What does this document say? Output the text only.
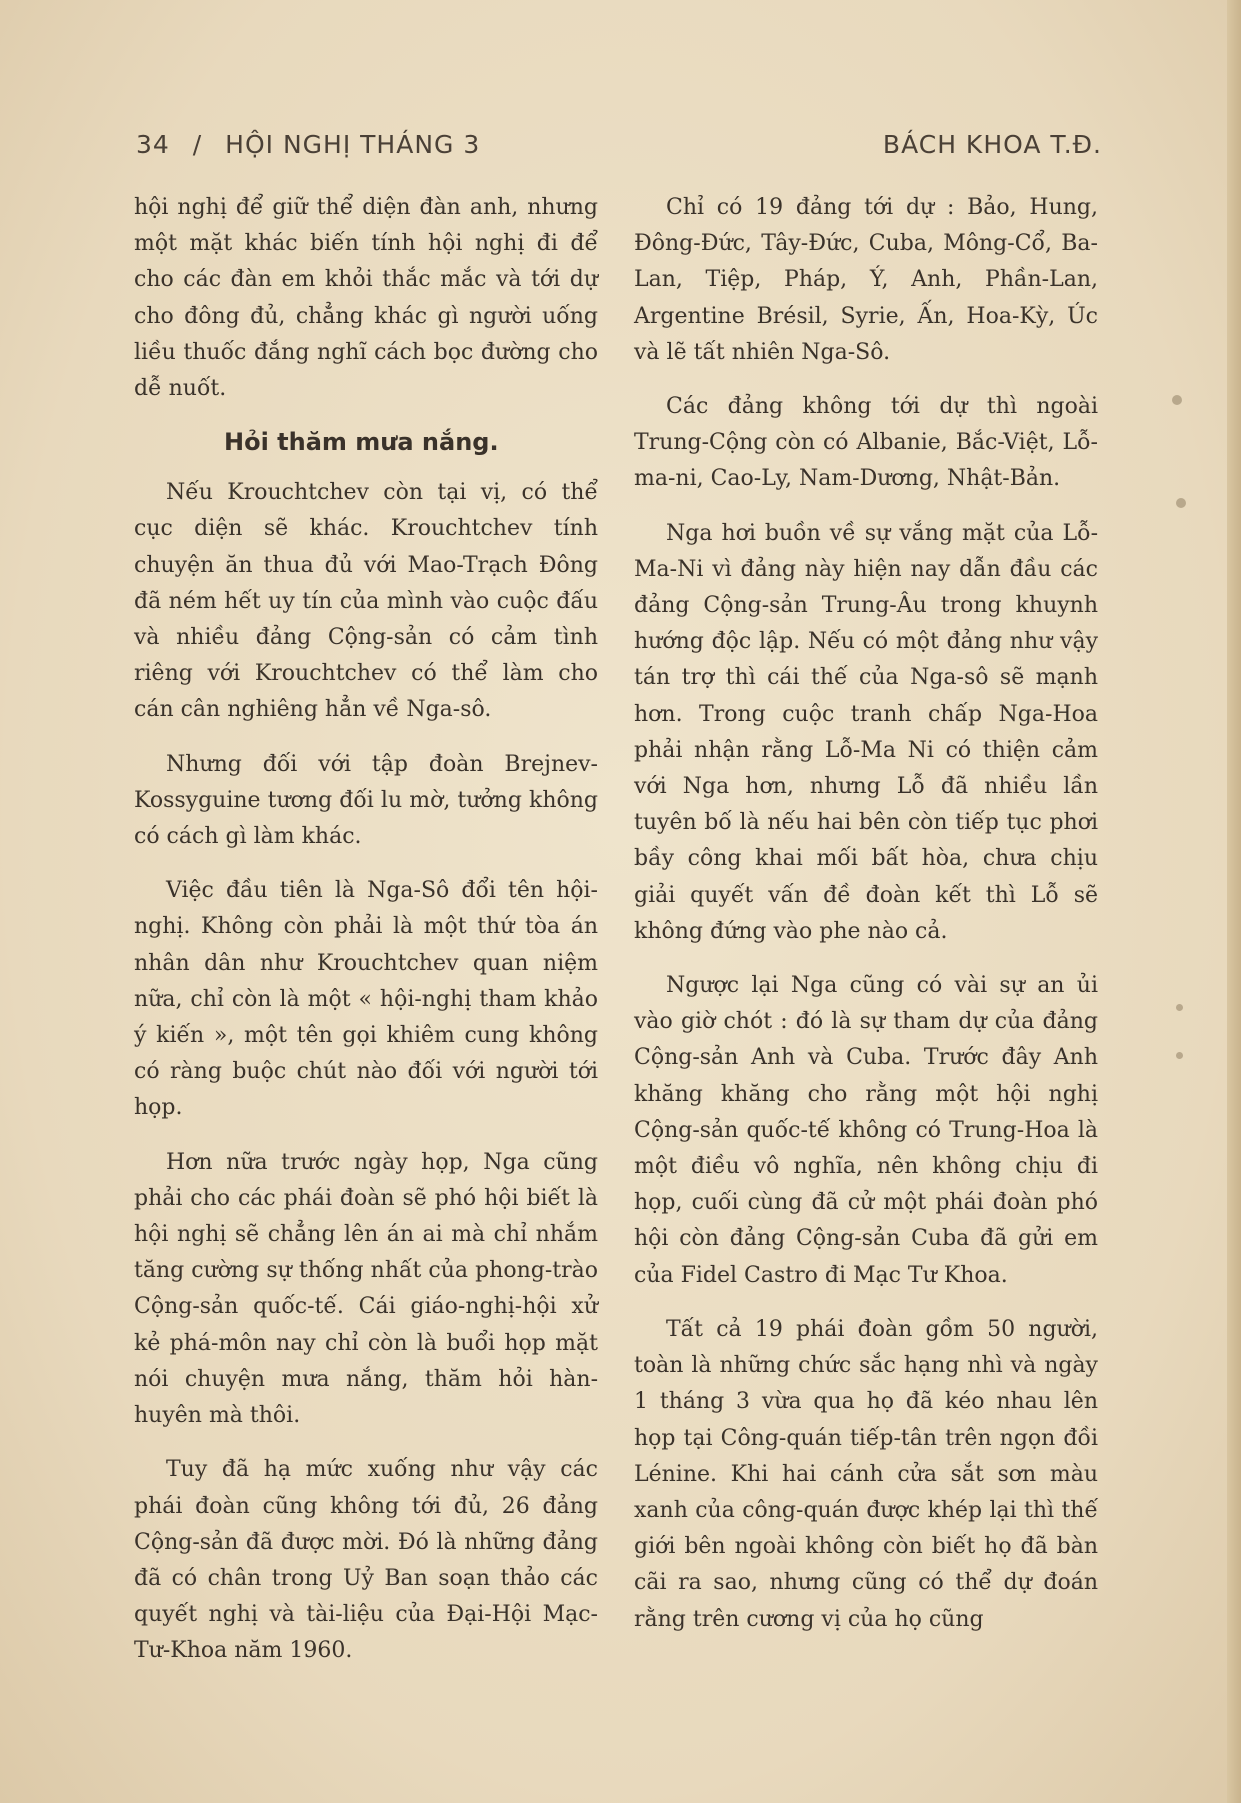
34 / HỘI NGHỊ THÁNG 3	BÁCH KHOA T.Đ.

hội nghị để giữ thể diện đàn anh, nhưng một mặt khác biến tính hội nghị đi để cho các đàn em khỏi thắc mắc và tới dự cho đông đủ, chẳng khác gì người uống liều thuốc đắng nghĩ cách bọc đường cho dễ nuốt.

Hỏi thăm mưa nắng.

Nếu Krouchtchev còn tại vị, có thể cục diện sẽ khác. Krouchtchev tính chuyện ăn thua đủ với Mao-Trạch Đông đã ném hết uy tín của mình vào cuộc đấu và nhiều đảng Cộng-sản có cảm tình riêng với Krouchtchev có thể làm cho cán cân nghiêng hẳn về Nga-sô.

Nhưng đối với tập đoàn Brejnev-Kossyguine tương đối lu mờ, tưởng không có cách gì làm khác.

Việc đầu tiên là Nga-Sô đổi tên hội-nghị. Không còn phải là một thứ tòa án nhân dân như Krouchtchev quan niệm nữa, chỉ còn là một « hội-nghị tham khảo ý kiến », một tên gọi khiêm cung không có ràng buộc chút nào đối với người tới họp.

Hơn nữa trước ngày họp, Nga cũng phải cho các phái đoàn sẽ phó hội biết là hội nghị sẽ chẳng lên án ai mà chỉ nhắm tăng cường sự thống nhất của phong-trào Cộng-sản quốc-tế. Cái giáo-nghị-hội xử kẻ phá-môn nay chỉ còn là buổi họp mặt nói chuyện mưa nắng, thăm hỏi hàn-huyên mà thôi.

Tuy đã hạ mức xuống như vậy các phái đoàn cũng không tới đủ, 26 đảng Cộng-sản đã được mời. Đó là những đảng đã có chân trong Uỷ Ban soạn thảo các quyết nghị và tài-liệu của Đại-Hội Mạc-Tư-Khoa năm 1960.

Chỉ có 19 đảng tới dự : Bảo, Hung, Đông-Đức, Tây-Đức, Cuba, Mông-Cổ, Ba-Lan, Tiệp, Pháp, Ý, Anh, Phần-Lan, Argentine Brésil, Syrie, Ấn, Hoa-Kỳ, Úc và lẽ tất nhiên Nga-Sô.

Các đảng không tới dự thì ngoài Trung-Cộng còn có Albanie, Bắc-Việt, Lỗ-ma-ni, Cao-Ly, Nam-Dương, Nhật-Bản.

Nga hơi buồn về sự vắng mặt của Lỗ-Ma-Ni vì đảng này hiện nay dẫn đầu các đảng Cộng-sản Trung-Âu trong khuynh hướng độc lập. Nếu có một đảng như vậy tán trợ thì cái thế của Nga-sô sẽ mạnh hơn. Trong cuộc tranh chấp Nga-Hoa phải nhận rằng Lỗ-Ma Ni có thiện cảm với Nga hơn, nhưng Lỗ đã nhiều lần tuyên bố là nếu hai bên còn tiếp tục phơi bầy công khai mối bất hòa, chưa chịu giải quyết vấn đề đoàn kết thì Lỗ sẽ không đứng vào phe nào cả.

Ngược lại Nga cũng có vài sự an ủi vào giờ chót : đó là sự tham dự của đảng Cộng-sản Anh và Cuba. Trước đây Anh khăng khăng cho rằng một hội nghị Cộng-sản quốc-tế không có Trung-Hoa là một điều vô nghĩa, nên không chịu đi họp, cuối cùng đã cử một phái đoàn phó hội còn đảng Cộng-sản Cuba đã gửi em của Fidel Castro đi Mạc Tư Khoa.

Tất cả 19 phái đoàn gồm 50 người, toàn là những chức sắc hạng nhì và ngày 1 tháng 3 vừa qua họ đã kéo nhau lên họp tại Công-quán tiếp-tân trên ngọn đồi Lénine. Khi hai cánh cửa sắt sơn màu xanh của công-quán được khép lại thì thế giới bên ngoài không còn biết họ đã bàn cãi ra sao, nhưng cũng có thể dự đoán rằng trên cương vị của họ cũng
